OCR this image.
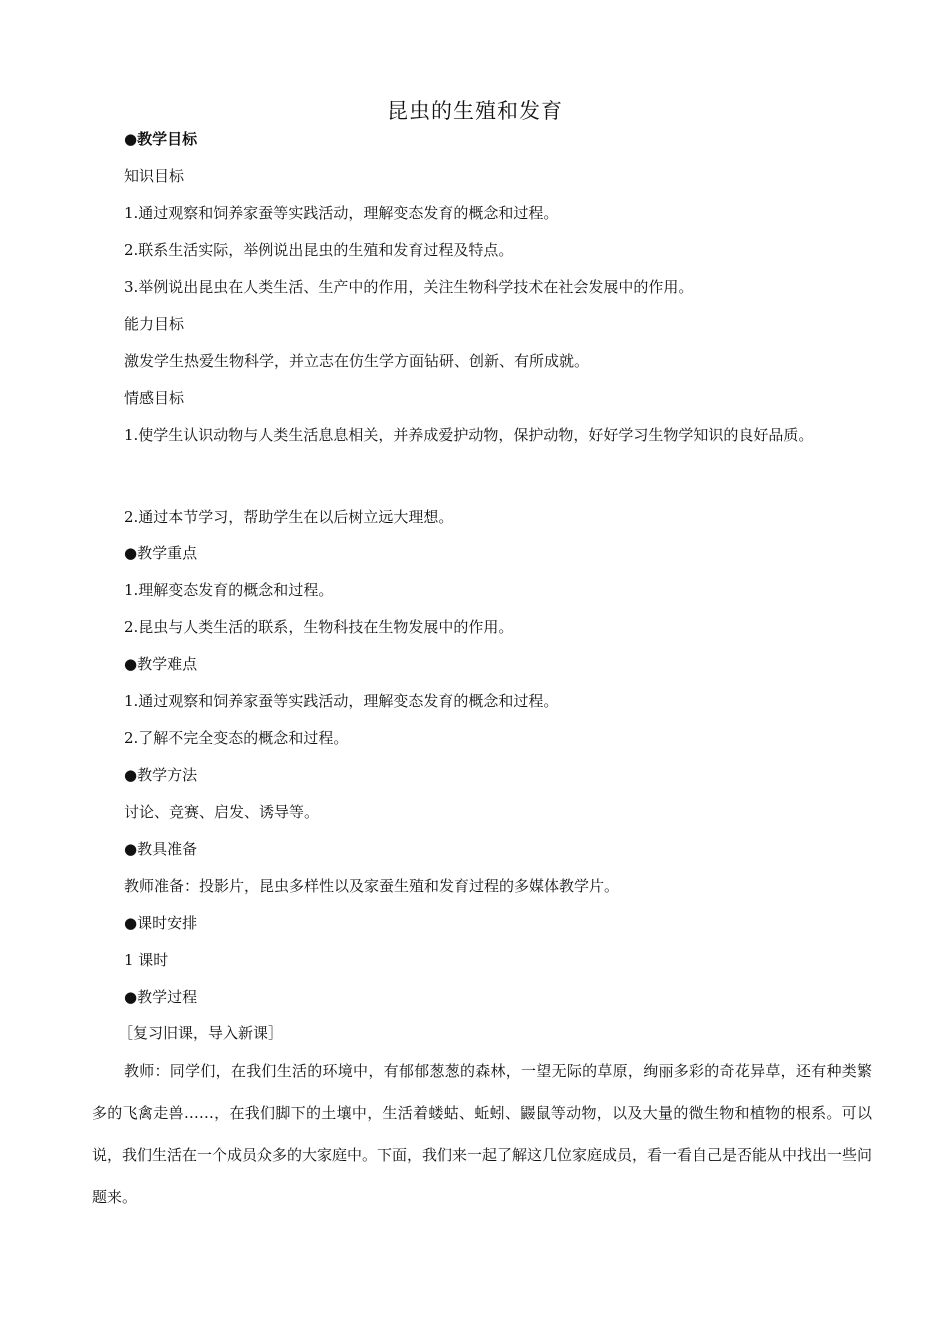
昆虫的生殖和发育
●教学目标
知识目标
1.通过观察和饲养家蚕等实践活动，理解变态发育的概念和过程。
2.联系生活实际，举例说出昆虫的生殖和发育过程及特点。
3.举例说出昆虫在人类生活、生产中的作用，关注生物科学技术在社会发展中的作用。
能力目标
激发学生热爱生物科学，并立志在仿生学方面钻研、创新、有所成就。
情感目标
1.使学生认识动物与人类生活息息相关，并养成爱护动物，保护动物，好好学习生物学知识的良好品质。
2.通过本节学习，帮助学生在以后树立远大理想。
●教学重点
1.理解变态发育的概念和过程。
2.昆虫与人类生活的联系，生物科技在生物发展中的作用。
●教学难点
1.通过观察和饲养家蚕等实践活动，理解变态发育的概念和过程。
2.了解不完全变态的概念和过程。
●教学方法
讨论、竞赛、启发、诱导等。
●教具准备
教师准备：投影片，昆虫多样性以及家蚕生殖和发育过程的多媒体教学片。
●课时安排
1 课时
●教学过程
［复习旧课，导入新课］
教师：同学们，在我们生活的环境中，有郁郁葱葱的森林，一望无际的草原，绚丽多彩的奇花异草，还有种类繁多的飞禽走兽……，在我们脚下的土壤中，生活着蝼蛄、蚯蚓、鼹鼠等动物，以及大量的微生物和植物的根系。可以说，我们生活在一个成员众多的大家庭中。下面，我们来一起了解这几位家庭成员，看一看自己是否能从中找出一些问题来。
